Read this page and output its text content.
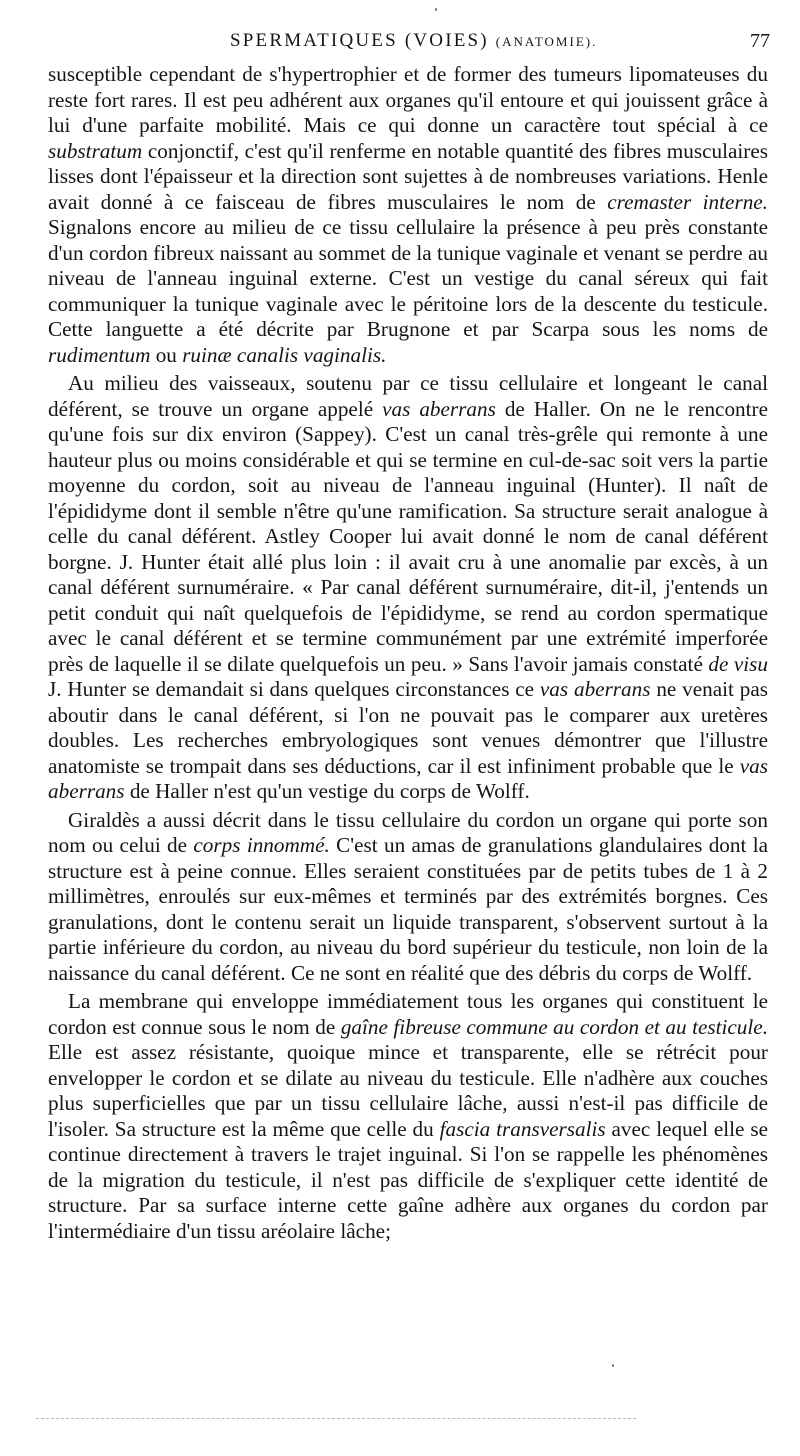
SPERMATIQUES (VOIES) (ANATOMIE).	77

susceptible cependant de s'hypertrophier et de former des tumeurs lipomateuses du reste fort rares. Il est peu adhérent aux organes qu'il entoure et qui jouissent grâce à lui d'une parfaite mobilité. Mais ce qui donne un caractère tout spécial à ce substratum conjonctif, c'est qu'il renferme en notable quantité des fibres musculaires lisses dont l'épaisseur et la direction sont sujettes à de nombreuses variations. Henle avait donné à ce faisceau de fibres musculaires le nom de cremaster interne. Signalons encore au milieu de ce tissu cellulaire la présence à peu près constante d'un cordon fibreux naissant au sommet de la tunique vaginale et venant se perdre au niveau de l'anneau inguinal externe. C'est un vestige du canal séreux qui fait communiquer la tunique vaginale avec le péritoine lors de la descente du testicule. Cette languette a été décrite par Brugnone et par Scarpa sous les noms de rudimentum ou ruinæ canalis vaginalis.

Au milieu des vaisseaux, soutenu par ce tissu cellulaire et longeant le canal déférent, se trouve un organe appelé vas aberrans de Haller. On ne le rencontre qu'une fois sur dix environ (Sappey). C'est un canal très-grêle qui remonte à une hauteur plus ou moins considérable et qui se termine en cul-de-sac soit vers la partie moyenne du cordon, soit au niveau de l'anneau inguinal (Hunter). Il naît de l'épididyme dont il semble n'être qu'une ramification. Sa structure serait analogue à celle du canal déférent. Astley Cooper lui avait donné le nom de canal déférent borgne. J. Hunter était allé plus loin : il avait cru à une anomalie par excès, à un canal déférent surnuméraire. « Par canal déférent surnuméraire, dit-il, j'entends un petit conduit qui naît quelquefois de l'épididyme, se rend au cordon spermatique avec le canal déférent et se termine communément par une extrémité imperforée près de laquelle il se dilate quelquefois un peu. » Sans l'avoir jamais constaté de visu J. Hunter se demandait si dans quelques circonstances ce vas aberrans ne venait pas aboutir dans le canal déférent, si l'on ne pouvait pas le comparer aux uretères doubles. Les recherches embryologiques sont venues démontrer que l'illustre anatomiste se trompait dans ses déductions, car il est infiniment probable que le vas aberrans de Haller n'est qu'un vestige du corps de Wolff.

Giraldès a aussi décrit dans le tissu cellulaire du cordon un organe qui porte son nom ou celui de corps innommé. C'est un amas de granulations glandulaires dont la structure est à peine connue. Elles seraient constituées par de petits tubes de 1 à 2 millimètres, enroulés sur eux-mêmes et terminés par des extrémités borgnes. Ces granulations, dont le contenu serait un liquide transparent, s'observent surtout à la partie inférieure du cordon, au niveau du bord supérieur du testicule, non loin de la naissance du canal déférent. Ce ne sont en réalité que des débris du corps de Wolff.

La membrane qui enveloppe immédiatement tous les organes qui constituent le cordon est connue sous le nom de gaîne fibreuse commune au cordon et au testicule. Elle est assez résistante, quoique mince et transparente, elle se rétrécit pour envelopper le cordon et se dilate au niveau du testicule. Elle n'adhère aux couches plus superficielles que par un tissu cellulaire lâche, aussi n'est-il pas difficile de l'isoler. Sa structure est la même que celle du fascia transversalis avec lequel elle se continue directement à travers le trajet inguinal. Si l'on se rappelle les phénomènes de la migration du testicule, il n'est pas difficile de s'expliquer cette identité de structure. Par sa surface interne cette gaîne adhère aux organes du cordon par l'intermédiaire d'un tissu aréolaire lâche;
